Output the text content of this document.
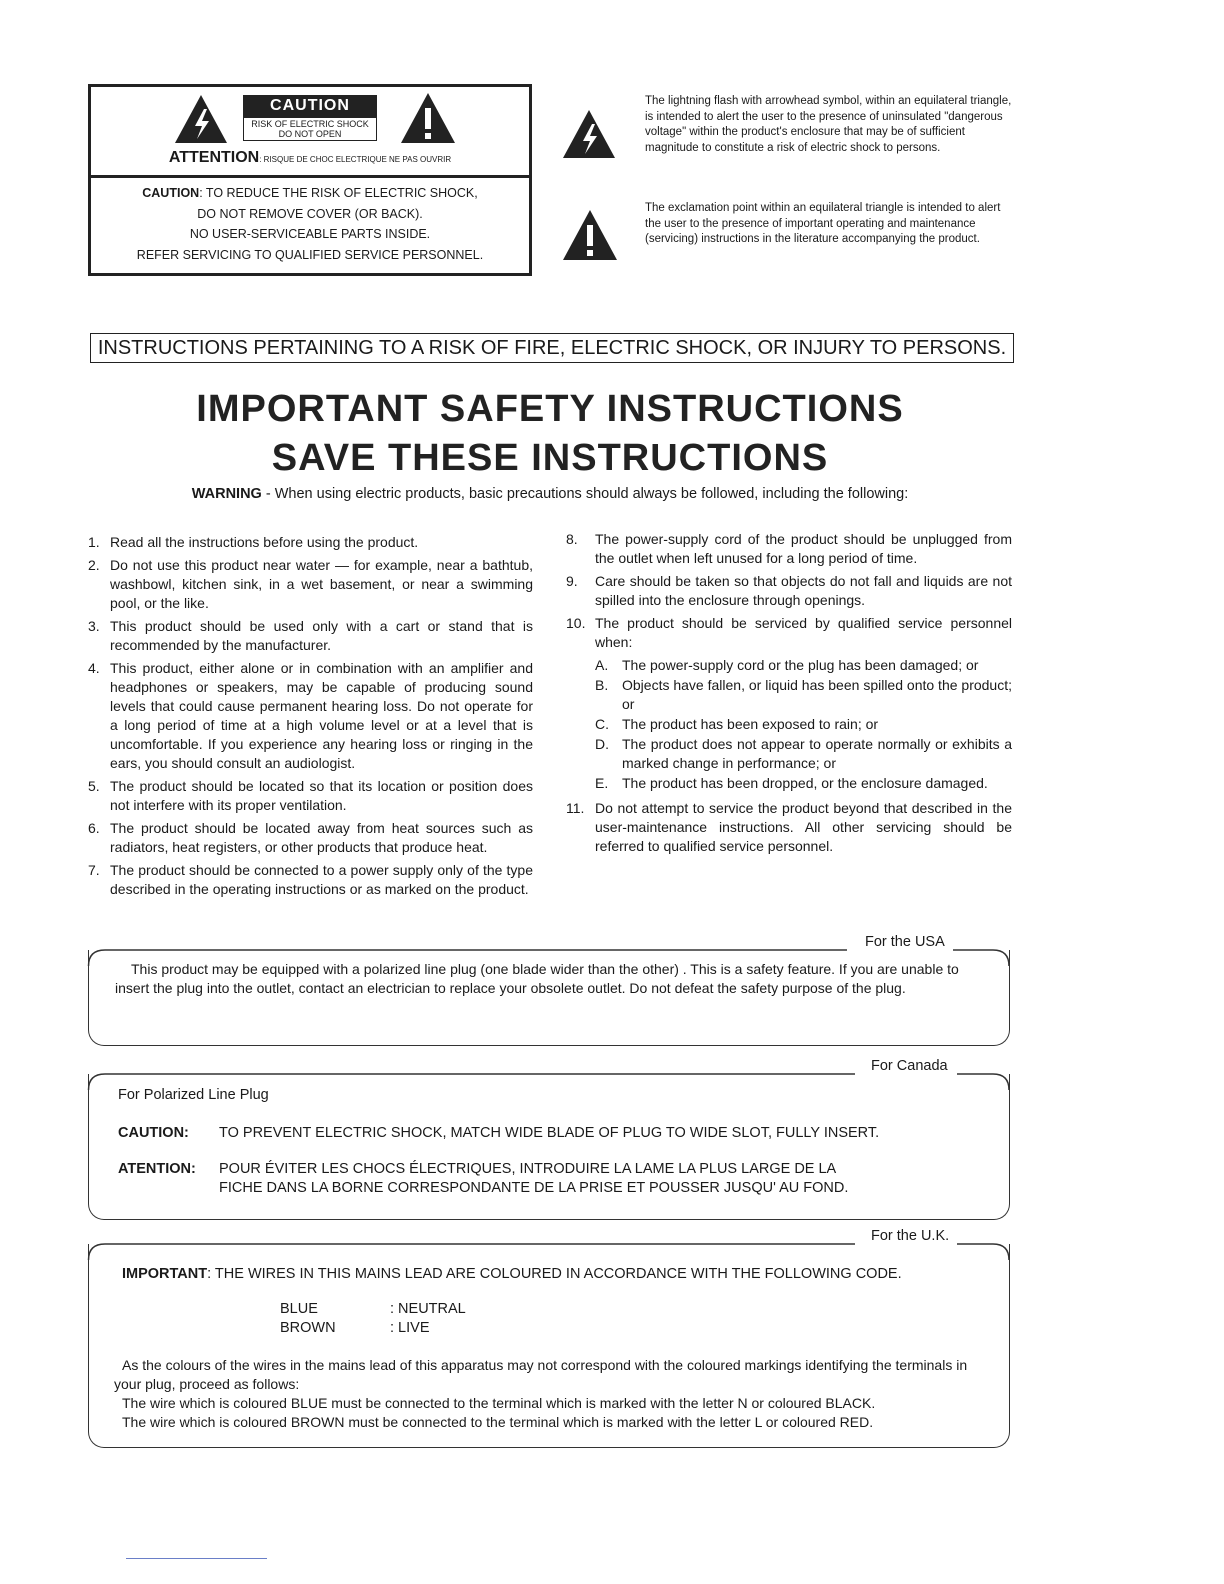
CAUTION
RISK OF ELECTRIC SHOCK
DO NOT OPEN
ATTENTION: RISQUE DE CHOC ELECTRIQUE NE PAS OUVRIR
CAUTION: TO REDUCE THE RISK OF ELECTRIC SHOCK,
DO NOT REMOVE COVER (OR BACK).
NO USER-SERVICEABLE PARTS INSIDE.
REFER SERVICING TO QUALIFIED SERVICE PERSONNEL.
The lightning flash with arrowhead symbol, within an equilateral triangle, is intended to alert the user to the presence of uninsulated "dangerous voltage" within the product's enclosure that may be of sufficient magnitude to constitute a risk of electric shock to persons.
The exclamation point within an equilateral triangle is intended to alert the user to the presence of important operating and maintenance (servicing) instructions in the literature accompanying the product.
INSTRUCTIONS PERTAINING TO A RISK OF FIRE, ELECTRIC SHOCK, OR INJURY TO PERSONS.
IMPORTANT SAFETY INSTRUCTIONS
SAVE THESE INSTRUCTIONS
WARNING - When using electric products, basic precautions should always be followed, including the following:
1. Read all the instructions before using the product.
2. Do not use this product near water — for example, near a bathtub, washbowl, kitchen sink, in a wet basement, or near a swimming pool, or the like.
3. This product should be used only with a cart or stand that is recommended by the manufacturer.
4. This product, either alone or in combination with an amplifier and headphones or speakers, may be capable of producing sound levels that could cause permanent hearing loss. Do not operate for a long period of time at a high volume level or at a level that is uncomfortable. If you experience any hearing loss or ringing in the ears, you should consult an audiologist.
5. The product should be located so that its location or position does not interfere with its proper ventilation.
6. The product should be located away from heat sources such as radiators, heat registers, or other products that produce heat.
7. The product should be connected to a power supply only of the type described in the operating instructions or as marked on the product.
8. The power-supply cord of the product should be unplugged from the outlet when left unused for a long period of time.
9. Care should be taken so that objects do not fall and liquids are not spilled into the enclosure through openings.
10. The product should be serviced by qualified service personnel when:
A. The power-supply cord or the plug has been damaged; or
B. Objects have fallen, or liquid has been spilled onto the product; or
C. The product has been exposed to rain; or
D. The product does not appear to operate normally or exhibits a marked change in performance; or
E. The product has been dropped, or the enclosure damaged.
11. Do not attempt to service the product beyond that described in the user-maintenance instructions. All other servicing should be referred to qualified service personnel.
For the USA
This product may be equipped with a polarized line plug (one blade wider than the other) . This is a safety feature. If you are unable to insert the plug into the outlet, contact an electrician to replace your obsolete outlet. Do not defeat the safety purpose of the plug.
For Canada
For Polarized Line Plug
CAUTION: TO PREVENT ELECTRIC SHOCK, MATCH WIDE BLADE OF PLUG TO WIDE SLOT, FULLY INSERT.
ATENTION: POUR ÉVITER LES CHOCS ÉLECTRIQUES, INTRODUIRE LA LAME LA PLUS LARGE DE LA
FICHE DANS LA BORNE CORRESPONDANTE DE LA PRISE ET POUSSER JUSQU' AU FOND.
For the U.K.
IMPORTANT: THE WIRES IN THIS MAINS LEAD ARE COLOURED IN ACCORDANCE WITH THE FOLLOWING CODE.
BLUE	: NEUTRAL
BROWN	: LIVE
As the colours of the wires in the mains lead of this apparatus may not correspond with the coloured markings identifying the terminals in your plug, proceed as follows:
The wire which is coloured BLUE must be connected to the terminal which is marked with the letter N or coloured BLACK.
The wire which is coloured BROWN must be connected to the terminal which is marked with the letter L or coloured RED.
